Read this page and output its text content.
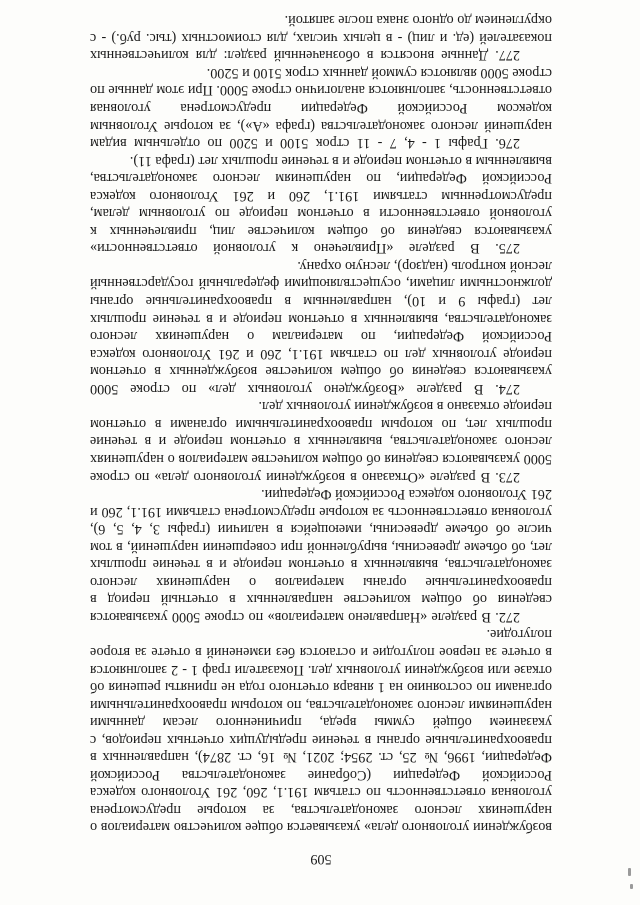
509

возбуждении уголовного дела» указывается общее количество материалов о нарушениях лесного законодательства, за которые предусмотрена уголовная ответственность по статьям 191.1, 260, 261 Уголовного кодекса Российской Федерации (Собрание законодательства Российской Федерации, 1996, № 25, ст. 2954; 2021, № 16, ст. 2874), направленных в правоохранительные органы в течение предыдущих отчетных периодов, с указанием общей суммы вреда, причиненного лесам данными нарушениями лесного законодательства, по которым правоохранительными органами по состоянию на 1 января отчетного года не приняты решения об отказе или возбуждении уголовных дел. Показатели граф 1 - 2 заполняются в отчете за первое полугодие и остаются без изменений в отчете за второе полугодие.

272. В разделе «Направлено материалов» по строке 5000 указываются сведения об общем количестве направленных в отчетный период в правоохранительные органы материалов о нарушениях лесного законодательства, выявленных в отчетном периоде и в течение прошлых лет, об объеме древесины, вырубленной при совершении нарушений, в том числе об объеме древесины, имеющейся в наличии (графы 3, 4, 5, 6), уголовная ответственность за которые предусмотрена статьями 191.1, 260 и 261 Уголовного кодекса Российской Федерации.

273. В разделе «Отказано в возбуждении уголовного дела» по строке 5000 указываются сведения об общем количестве материалов о нарушениях лесного законодательства, выявленных в отчетном периоде и в течение прошлых лет, по которым правоохранительными органами в отчетном периоде отказано в возбуждении уголовных дел.

274. В разделе «Возбуждено уголовных дел» по строке 5000 указываются сведения об общем количестве возбужденных в отчетном периоде уголовных дел по статьям 191.1, 260 и 261 Уголовного кодекса Российской Федерации, по материалам о нарушениях лесного законодательства, выявленных в отчетном периоде и в течение прошлых лет (графы 9 и 10), направленным в правоохранительные органы должностными лицами, осуществляющими федеральный государственный лесной контроль (надзор), лесную охрану.

275. В разделе «Привлечено к уголовной ответственности» указываются сведения об общем количестве лиц, привлеченных к уголовной ответственности в отчетном периоде по уголовным делам, предусмотренным статьями 191.1, 260 и 261 Уголовного кодекса Российской Федерации, по нарушениям лесного законодательства, выявленным в отчетном периоде и в течение прошлых лет (графа 11).

276. Графы 1 - 4, 7 - 11 строк 5100 и 5200 по отдельным видам нарушений лесного законодательства (графа «А»), за которые Уголовным кодексом Российской Федерации предусмотрена уголовная ответственность, заполняются аналогично строке 5000. При этом данные по строке 5000 являются суммой данных строк 5100 и 5200.

277. Данные вносятся в обозначенный раздел: для количественных показателей (ед. и лиц) - в целых числах, для стоимостных (тыс. руб.) - с округлением до одного знака после запятой.
